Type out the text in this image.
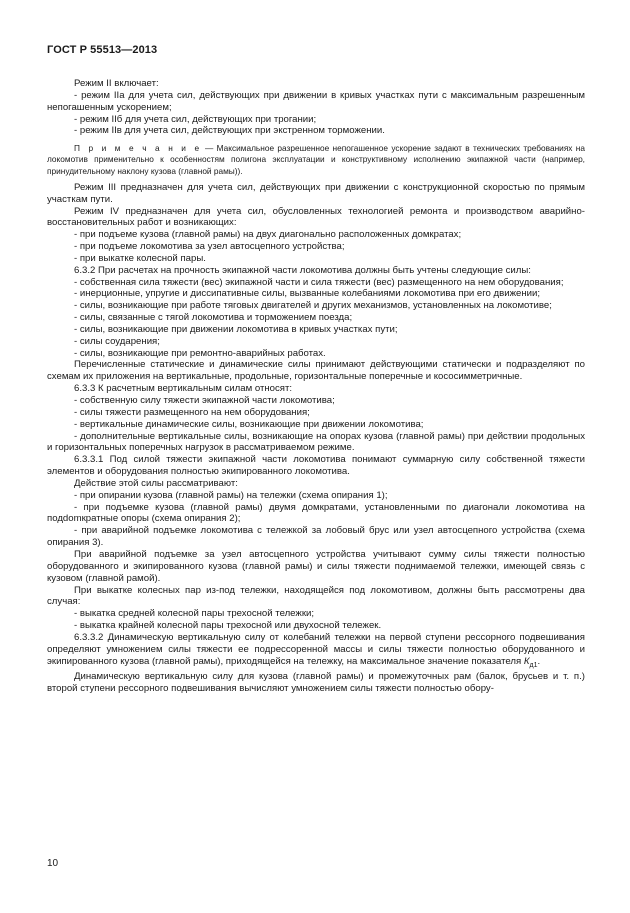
ГОСТ Р 55513—2013

Режим II включает:

- режим IIа для учета сил, действующих при движении в кривых участках пути с максимальным разрешенным непогашенным ускорением;

- режим IIб для учета сил, действующих при трогании;

- режим IIв для учета сил, действующих при экстренном торможении.

П р и м е ч а н и е — Максимальное разрешенное непогашенное ускорение задают в технических требованиях на локомотив применительно к особенностям полигона эксплуатации и конструктивному исполнению экипажной части (например, принудительному наклону кузова (главной рамы)).

Режим III предназначен для учета сил, действующих при движении с конструкционной скоростью по прямым участкам пути.

Режим IV предназначен для учета сил, обусловленных технологией ремонта и производством аварийно-восстановительных работ и возникающих:

- при подъеме кузова (главной рамы) на двух диагонально расположенных домкратах;

- при подъеме локомотива за узел автосцепного устройства;

- при выкатке колесной пары.

6.3.2 При расчетах на прочность экипажной части локомотива должны быть учтены следующие силы:

- собственная сила тяжести (вес) экипажной части и сила тяжести (вес) размещенного на нем оборудования;

- инерционные, упругие и диссипативные силы, вызванные колебаниями локомотива при его движении;

- силы, возникающие при работе тяговых двигателей и других механизмов, установленных на локомотиве;

- силы, связанные с тягой локомотива и торможением поезда;

- силы, возникающие при движении локомотива в кривых участках пути;

- силы соударения;

- силы, возникающие при ремонтно-аварийных работах.

Перечисленные статические и динамические силы принимают действующими статически и подразделяют по схемам их приложения на вертикальные, продольные, горизонтальные поперечные и кососимметричные.

6.3.3 К расчетным вертикальным силам относят:

- собственную силу тяжести экипажной части локомотива;

- силы тяжести размещенного на нем оборудования;

- вертикальные динамические силы, возникающие при движении локомотива;

- дополнительные вертикальные силы, возникающие на опорах кузова (главной рамы) при действии продольных и горизонтальных поперечных нагрузок в рассматриваемом режиме.

6.3.3.1 Под силой тяжести экипажной части локомотива понимают суммарную силу собственной тяжести элементов и оборудования полностью экипированного локомотива.

Действие этой силы рассматривают:

- при опирании кузова (главной рамы) на тележки (схема опирания 1);

- при подъемке кузова (главной рамы) двумя домкратами, установленными по диагонали локомотива на подdomкратные опоры (схема опирания 2);

- при аварийной подъемке локомотива с тележкой за лобовый брус или узел автосцепного устройства (схема опирания 3).

При аварийной подъемке за узел автосцепного устройства учитывают сумму силы тяжести полностью оборудованного и экипированного кузова (главной рамы) и силы тяжести поднимаемой тележки, имеющей связь с кузовом (главной рамой).

При выкатке колесных пар из-под тележки, находящейся под локомотивом, должны быть рассмотрены два случая:

- выкатка средней колесной пары трехосной тележки;

- выкатка крайней колесной пары трехосной или двухосной тележек.

6.3.3.2 Динамическую вертикальную силу от колебаний тележки на первой ступени рессорного подвешивания определяют умножением силы тяжести ее подрессоренной массы и силы тяжести полностью оборудованного и экипированного кузова (главной рамы), приходящейся на тележку, на максимальное значение показателя $К_{д1}$.

Динамическую вертикальную силу для кузова (главной рамы) и промежуточных рам (балок, брусьев и т. п.) второй ступени рессорного подвешивания вычисляют умножением силы тяжести полностью обору-

10
